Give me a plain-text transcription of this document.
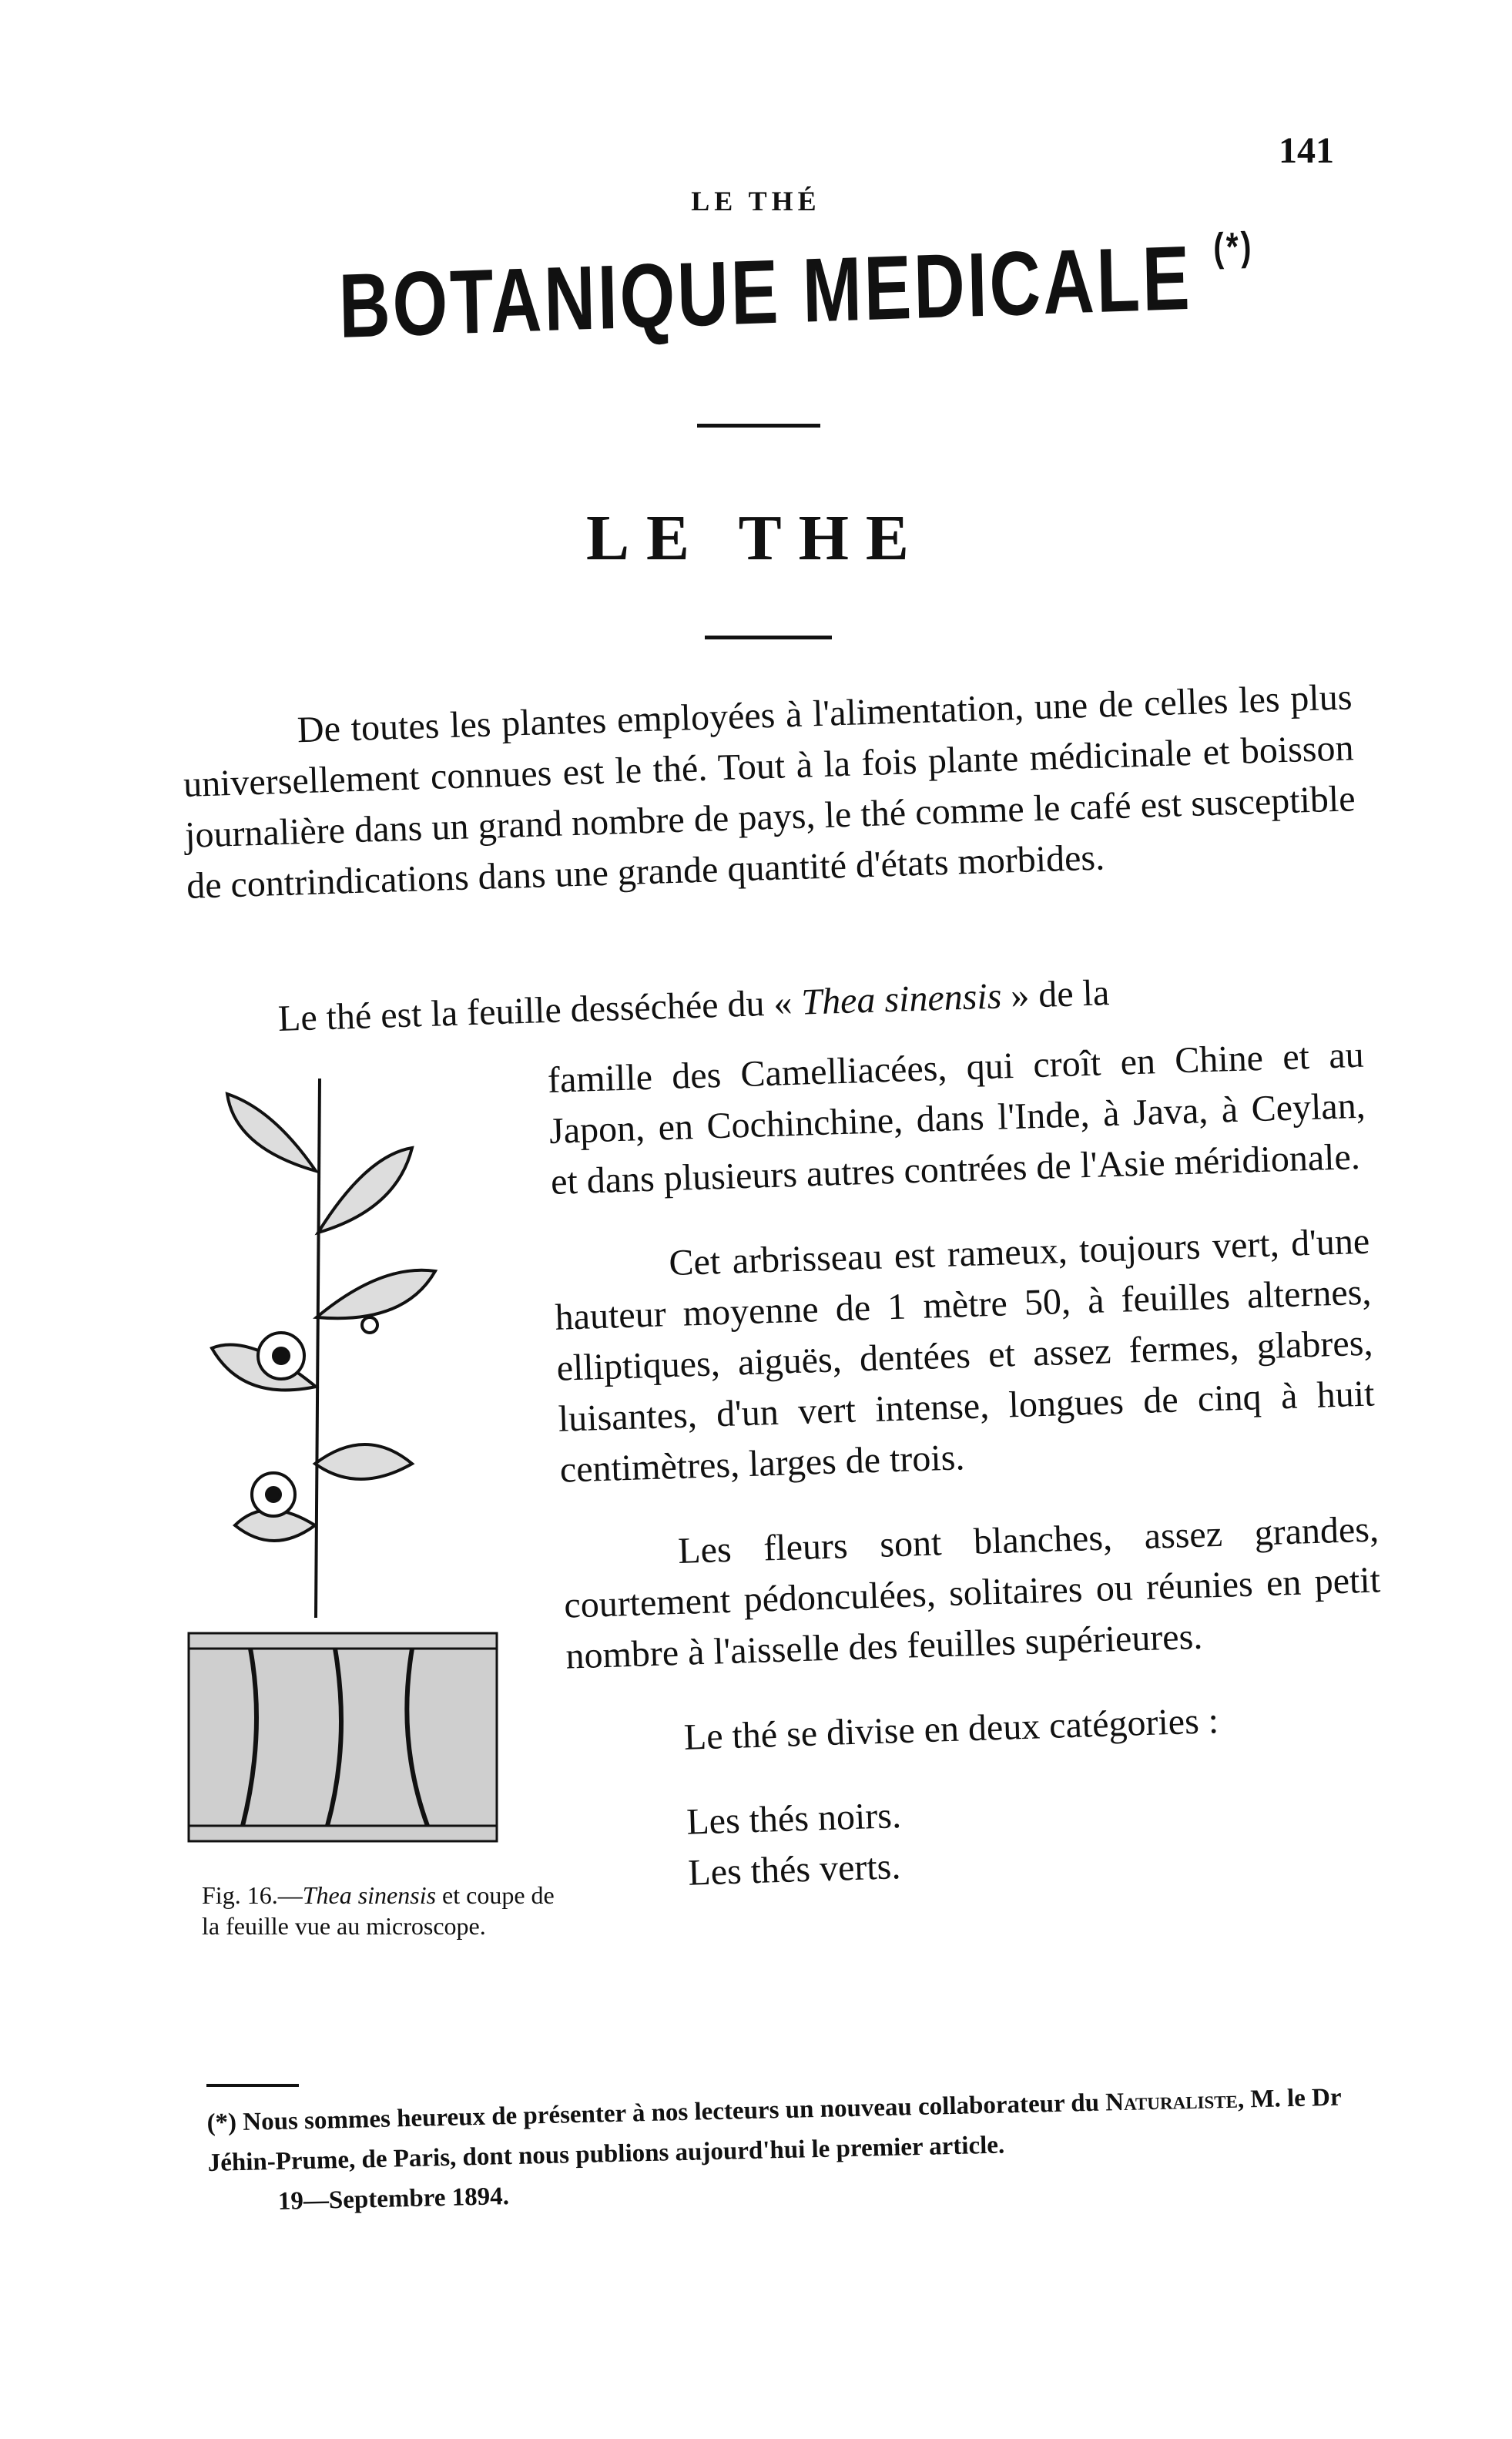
141
LE THÉ
BOTANIQUE MEDICALE (*)
LE THE

De toutes les plantes employées à l'alimentation, une de celles les plus universellement connues est le thé. Tout à la fois plante médicinale et boisson journalière dans un grand nombre de pays, le thé comme le café est susceptible de contrindications dans une grande quantité d'états morbides.

Le thé est la feuille desséchée du « Thea sinensis » de la

famille des Camelliacées, qui croît en Chine et au Japon, en Cochinchine, dans l'Inde, à Java, à Ceylan, et dans plusieurs autres contrées de l'Asie méridionale.

Cet arbrisseau est rameux, toujours vert, d'une hauteur moyenne de 1 mètre 50, à feuilles alternes, elliptiques, aiguës, dentées et assez fermes, glabres, luisantes, d'un vert intense, longues de cinq à huit centimètres, larges de trois.

Les fleurs sont blanches, assez grandes, courtement pédonculées, solitaires ou réunies en petit nombre à l'aisselle des feuilles supérieures.

Le thé se divise en deux catégories :

Les thés noirs.

Les thés verts.

Fig. 16.—Thea sinensis et coupe de la feuille vue au microscope.
(*) Nous sommes heureux de présenter à nos lecteurs un nouveau collaborateur du Naturaliste, M. le Dr Jéhin-Prume, de Paris, dont nous publions aujourd'hui le premier article.
19—Septembre 1894.
